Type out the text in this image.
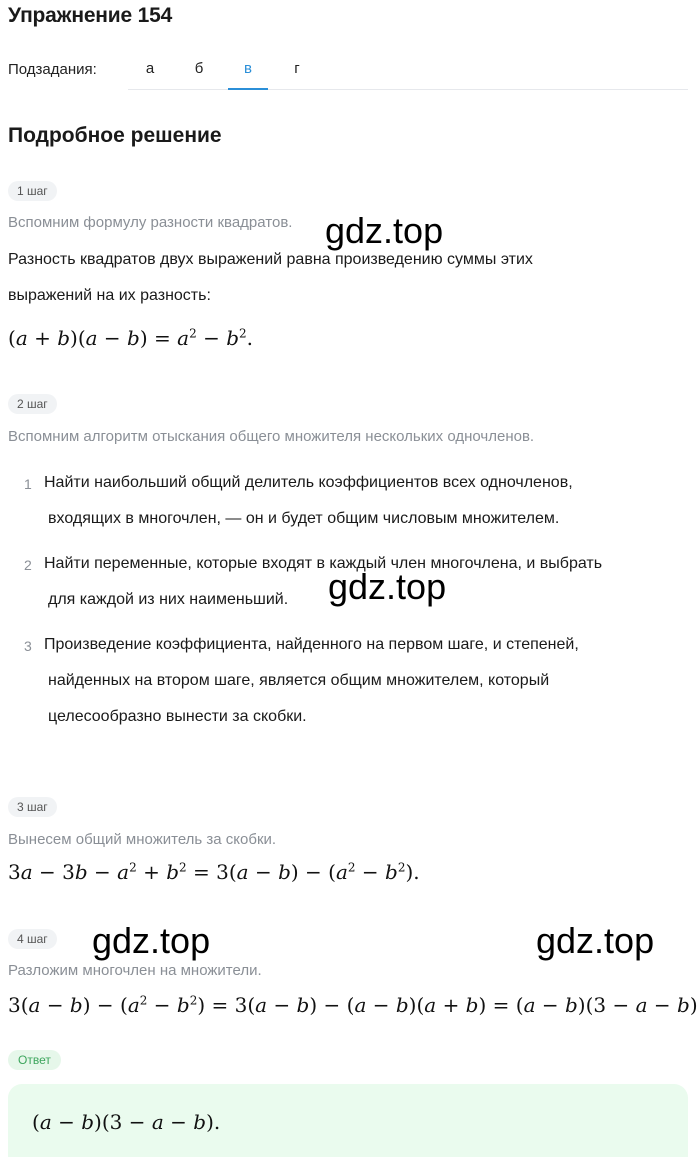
Упражнение 154
Подзадания:	а	б	в	г
Подробное решение
1 шаг
Вспомним формулу разности квадратов.
Разность квадратов двух выражений равна произведению суммы этих
выражений на их разность:
$(a + b)(a - b) = a^2 - b^2$.
2 шаг
Вспомним алгоритм отыскания общего множителя нескольких одночленов.
1 Найти наибольший общий делитель коэффициентов всех одночленов,
входящих в многочлен, — он и будет общим числовым множителем.
2 Найти переменные, которые входят в каждый член многочлена, и выбрать
для каждой из них наименьший.
3 Произведение коэффициента, найденного на первом шаге, и степеней,
найденных на втором шаге, является общим множителем, который
целесообразно вынести за скобки.
3 шаг
Вынесем общий множитель за скобки.
$3a - 3b - a^2 + b^2 = 3(a - b) - (a^2 - b^2)$.
4 шаг
Разложим многочлен на множители.
$3(a - b) - (a^2 - b^2) = 3(a - b) - (a - b)(a + b) = (a - b)(3 - a - b)$
Ответ
(a − b)(3 − a − b).
gdz.top
gdz.top
gdz.top	gdz.top
